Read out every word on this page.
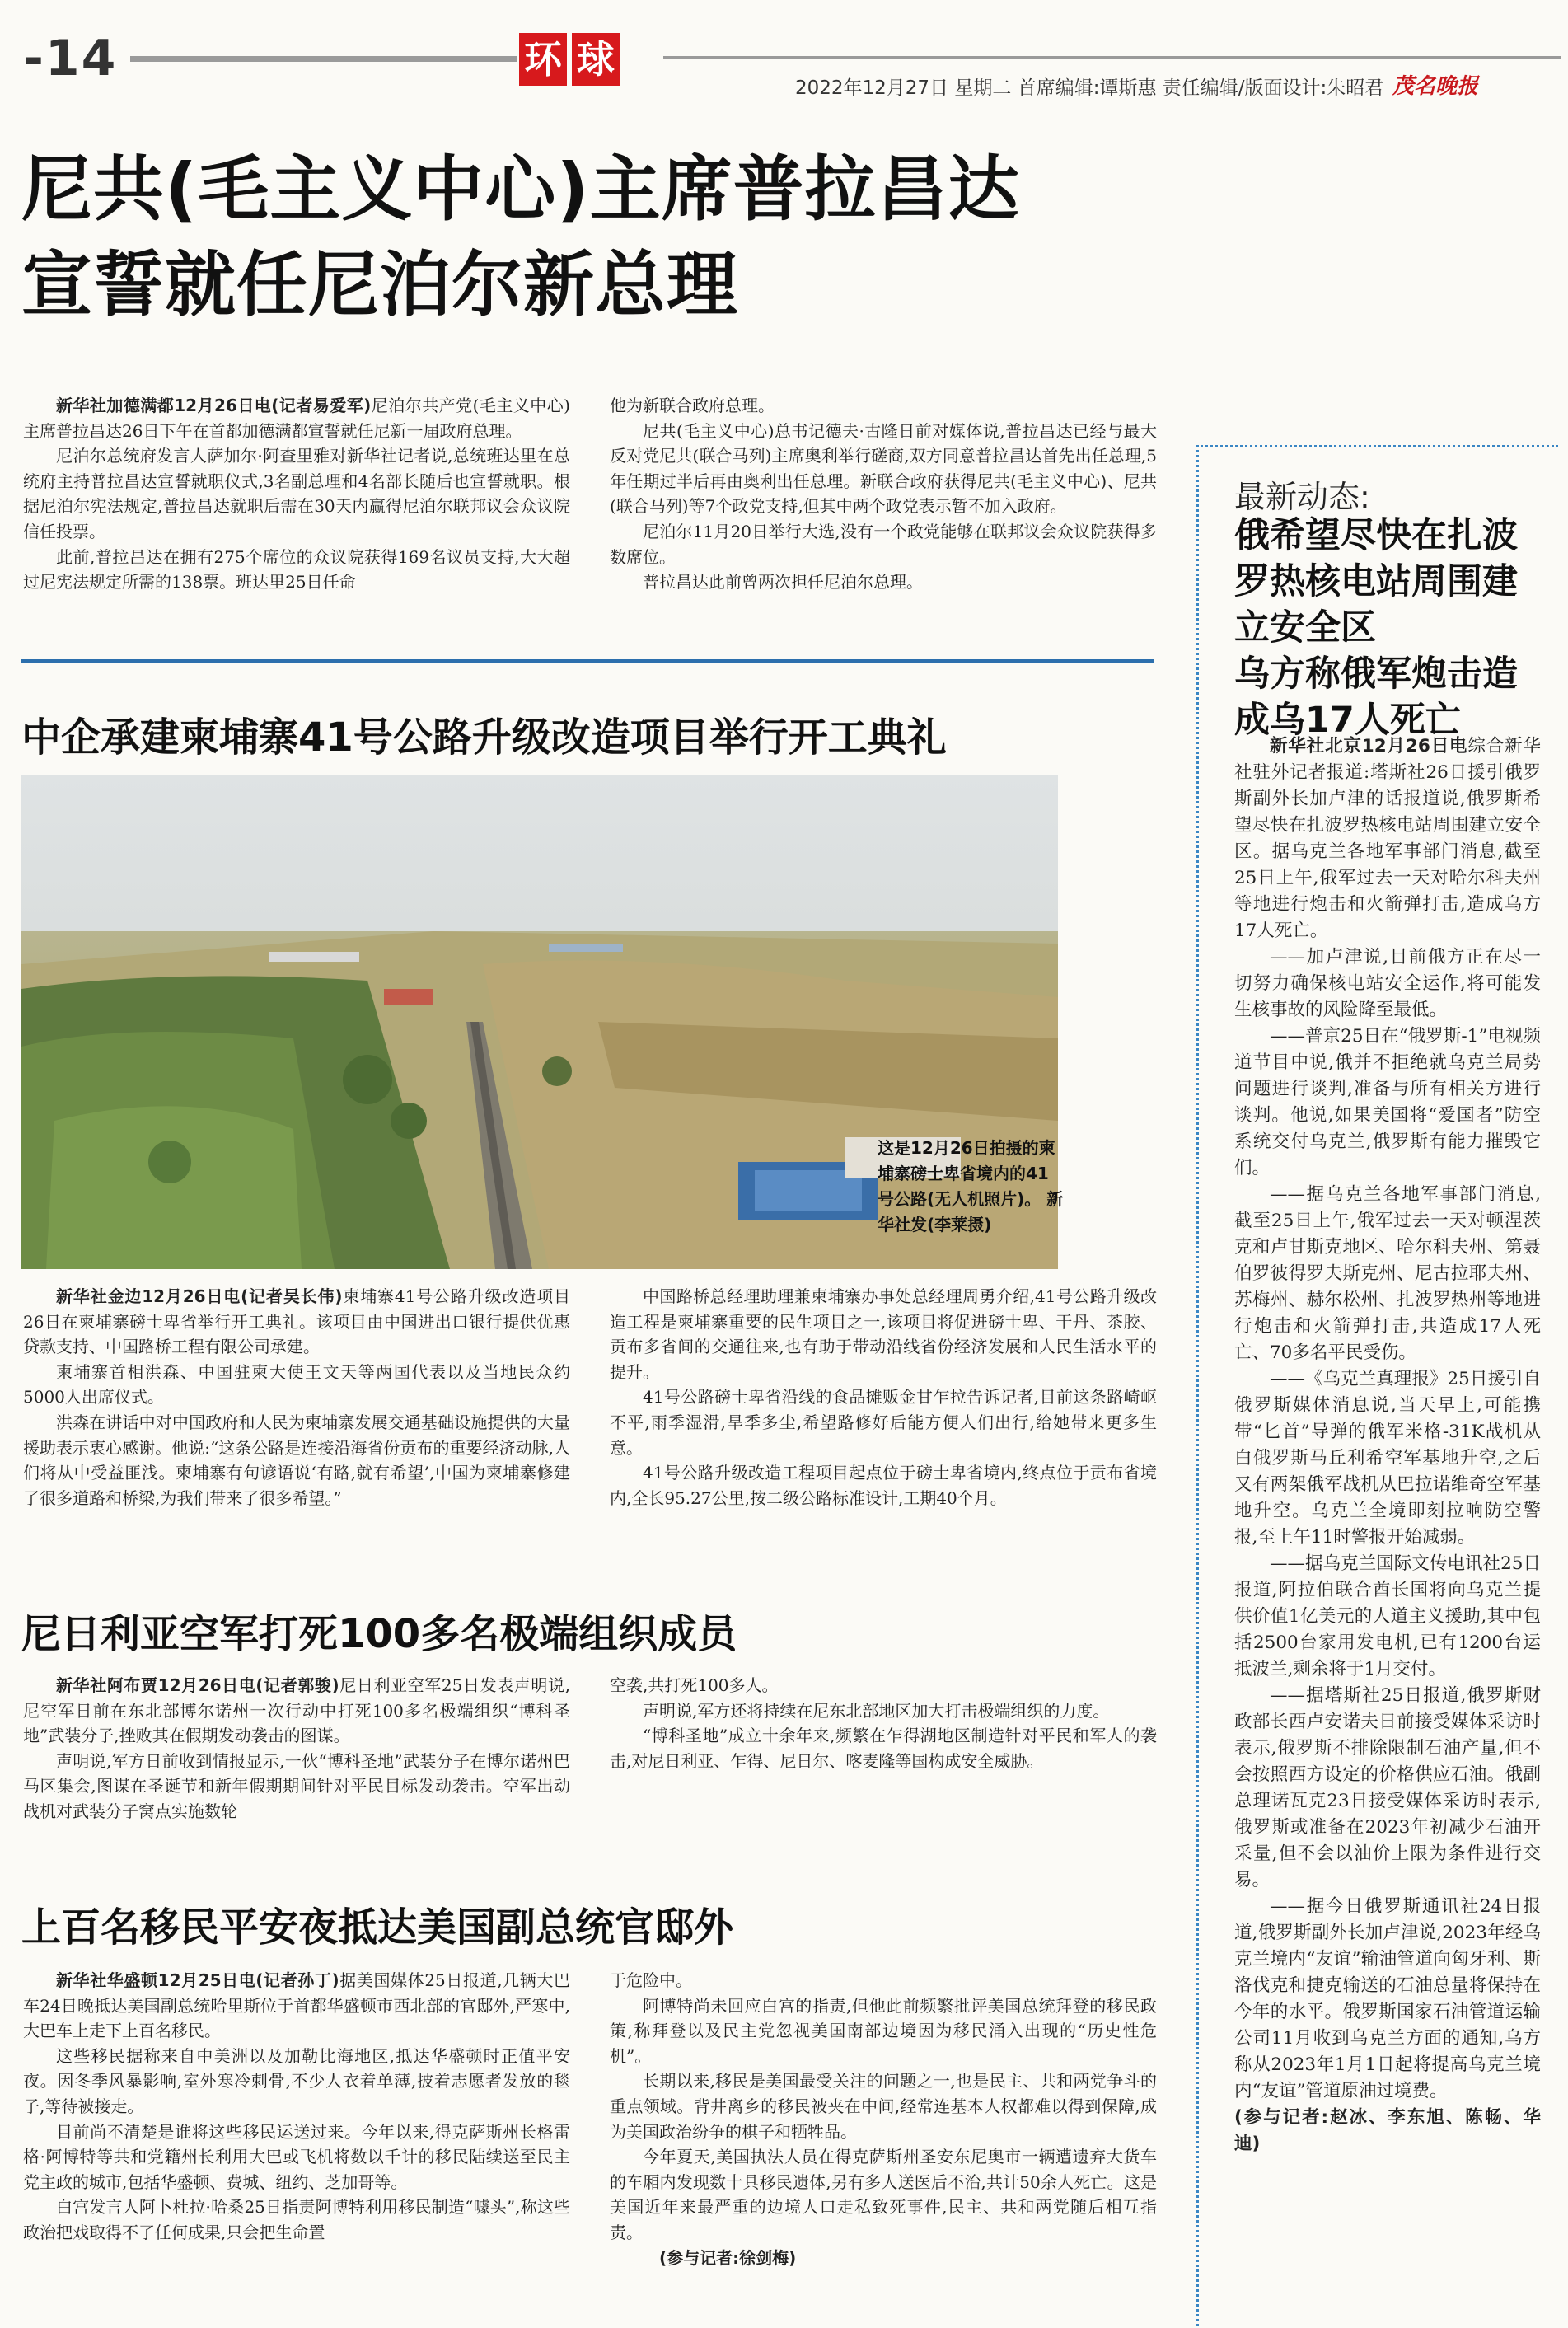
-14	环 球
2022年12月27日 星期二 首席编辑:谭斯惠 责任编辑/版面设计:朱昭君 茂名晚报
尼共(毛主义中心)主席普拉昌达
宣誓就任尼泊尔新总理

新华社加德满都12月26日电(记者易爱军)尼泊尔共产党(毛主义中心)主席普拉昌达26日下午在首都加德满都宣誓就任尼新一届政府总理。

尼泊尔总统府发言人萨加尔·阿查里雅对新华社记者说,总统班达里在总统府主持普拉昌达宣誓就职仪式,3名副总理和4名部长随后也宣誓就职。根据尼泊尔宪法规定,普拉昌达就职后需在30天内赢得尼泊尔联邦议会众议院信任投票。

此前,普拉昌达在拥有275个席位的众议院获得169名议员支持,大大超过尼宪法规定所需的138票。班达里25日任命

他为新联合政府总理。

尼共(毛主义中心)总书记德夫·古隆日前对媒体说,普拉昌达已经与最大反对党尼共(联合马列)主席奥利举行磋商,双方同意普拉昌达首先出任总理,5年任期过半后再由奥利出任总理。新联合政府获得尼共(毛主义中心)、尼共(联合马列)等7个政党支持,但其中两个政党表示暂不加入政府。

尼泊尔11月20日举行大选,没有一个政党能够在联邦议会众议院获得多数席位。

普拉昌达此前曾两次担任尼泊尔总理。

中企承建柬埔寨41号公路升级改造项目举行开工典礼
这是12月26日拍摄的柬埔寨磅士卑省境内的41号公路(无人机照片)。 新华社发(李莱摄)

新华社金边12月26日电(记者吴长伟)柬埔寨41号公路升级改造项目26日在柬埔寨磅士卑省举行开工典礼。该项目由中国进出口银行提供优惠贷款支持、中国路桥工程有限公司承建。

柬埔寨首相洪森、中国驻柬大使王文天等两国代表以及当地民众约5000人出席仪式。

洪森在讲话中对中国政府和人民为柬埔寨发展交通基础设施提供的大量援助表示衷心感谢。他说:“这条公路是连接沿海省份贡布的重要经济动脉,人们将从中受益匪浅。柬埔寨有句谚语说‘有路,就有希望’,中国为柬埔寨修建了很多道路和桥梁,为我们带来了很多希望。”

中国路桥总经理助理兼柬埔寨办事处总经理周勇介绍,41号公路升级改造工程是柬埔寨重要的民生项目之一,该项目将促进磅士卑、干丹、茶胶、贡布多省间的交通往来,也有助于带动沿线省份经济发展和人民生活水平的提升。

41号公路磅士卑省沿线的食品摊贩金甘乍拉告诉记者,目前这条路崎岖不平,雨季湿滑,旱季多尘,希望路修好后能方便人们出行,给她带来更多生意。

41号公路升级改造工程项目起点位于磅士卑省境内,终点位于贡布省境内,全长95.27公里,按二级公路标准设计,工期40个月。

尼日利亚空军打死100多名极端组织成员

新华社阿布贾12月26日电(记者郭骏)尼日利亚空军25日发表声明说,尼空军日前在东北部博尔诺州一次行动中打死100多名极端组织“博科圣地”武装分子,挫败其在假期发动袭击的图谋。

声明说,军方日前收到情报显示,一伙“博科圣地”武装分子在博尔诺州巴马区集会,图谋在圣诞节和新年假期期间针对平民目标发动袭击。空军出动战机对武装分子窝点实施数轮

空袭,共打死100多人。

声明说,军方还将持续在尼东北部地区加大打击极端组织的力度。

“博科圣地”成立十余年来,频繁在乍得湖地区制造针对平民和军人的袭击,对尼日利亚、乍得、尼日尔、喀麦隆等国构成安全威胁。

上百名移民平安夜抵达美国副总统官邸外

新华社华盛顿12月25日电(记者孙丁)据美国媒体25日报道,几辆大巴车24日晚抵达美国副总统哈里斯位于首都华盛顿市西北部的官邸外,严寒中,大巴车上走下上百名移民。

这些移民据称来自中美洲以及加勒比海地区,抵达华盛顿时正值平安夜。因冬季风暴影响,室外寒冷刺骨,不少人衣着单薄,披着志愿者发放的毯子,等待被接走。

目前尚不清楚是谁将这些移民运送过来。今年以来,得克萨斯州长格雷格·阿博特等共和党籍州长利用大巴或飞机将数以千计的移民陆续送至民主党主政的城市,包括华盛顿、费城、纽约、芝加哥等。

白宫发言人阿卜杜拉·哈桑25日指责阿博特利用移民制造“噱头”,称这些政治把戏取得不了任何成果,只会把生命置

于危险中。

阿博特尚未回应白宫的指责,但他此前频繁批评美国总统拜登的移民政策,称拜登以及民主党忽视美国南部边境因为移民涌入出现的“历史性危机”。

长期以来,移民是美国最受关注的问题之一,也是民主、共和两党争斗的重点领域。背井离乡的移民被夹在中间,经常连基本人权都难以得到保障,成为美国政治纷争的棋子和牺牲品。

今年夏天,美国执法人员在得克萨斯州圣安东尼奥市一辆遭遗弃大货车的车厢内发现数十具移民遗体,另有多人送医后不治,共计50余人死亡。这是美国近年来最严重的边境人口走私致死事件,民主、共和两党随后相互指责。

(参与记者:徐剑梅)

最新动态:
俄希望尽快在扎波
罗热核电站周围建
立安全区
乌方称俄军炮击造
成乌17人死亡

新华社北京12月26日电综合新华社驻外记者报道:塔斯社26日援引俄罗斯副外长加卢津的话报道说,俄罗斯希望尽快在扎波罗热核电站周围建立安全区。据乌克兰各地军事部门消息,截至25日上午,俄军过去一天对哈尔科夫州等地进行炮击和火箭弹打击,造成乌方17人死亡。

——加卢津说,目前俄方正在尽一切努力确保核电站安全运作,将可能发生核事故的风险降至最低。

——普京25日在“俄罗斯-1”电视频道节目中说,俄并不拒绝就乌克兰局势问题进行谈判,准备与所有相关方进行谈判。他说,如果美国将“爱国者”防空系统交付乌克兰,俄罗斯有能力摧毁它们。

——据乌克兰各地军事部门消息,截至25日上午,俄军过去一天对顿涅茨克和卢甘斯克地区、哈尔科夫州、第聂伯罗彼得罗夫斯克州、尼古拉耶夫州、苏梅州、赫尔松州、扎波罗热州等地进行炮击和火箭弹打击,共造成17人死亡、70多名平民受伤。

——《乌克兰真理报》25日援引自俄罗斯媒体消息说,当天早上,可能携带“匕首”导弹的俄军米格-31K战机从白俄罗斯马丘利希空军基地升空,之后又有两架俄军战机从巴拉诺维奇空军基地升空。乌克兰全境即刻拉响防空警报,至上午11时警报开始减弱。

——据乌克兰国际文传电讯社25日报道,阿拉伯联合酋长国将向乌克兰提供价值1亿美元的人道主义援助,其中包括2500台家用发电机,已有1200台运抵波兰,剩余将于1月交付。

——据塔斯社25日报道,俄罗斯财政部长西卢安诺夫日前接受媒体采访时表示,俄罗斯不排除限制石油产量,但不会按照西方设定的价格供应石油。俄副总理诺瓦克23日接受媒体采访时表示,俄罗斯或准备在2023年初减少石油开采量,但不会以油价上限为条件进行交易。

——据今日俄罗斯通讯社24日报道,俄罗斯副外长加卢津说,2023年经乌克兰境内“友谊”输油管道向匈牙利、斯洛伐克和捷克输送的石油总量将保持在今年的水平。俄罗斯国家石油管道运输公司11月收到乌克兰方面的通知,乌方称从2023年1月1日起将提高乌克兰境内“友谊”管道原油过境费。

(参与记者:赵冰、李东旭、陈畅、华迪)
